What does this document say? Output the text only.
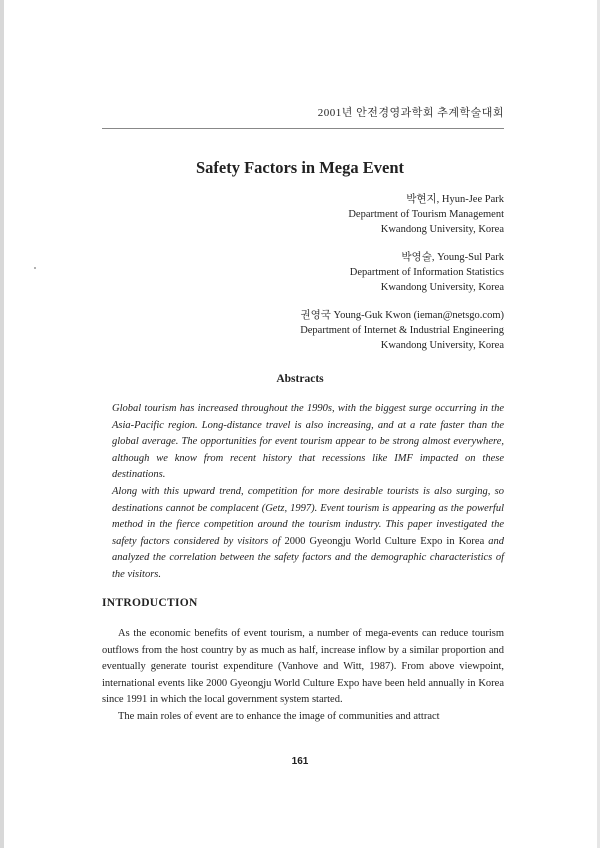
2001년 안전경영과학회 추계학술대회
Safety Factors in Mega Event
박현지, Hyun-Jee Park
Department of Tourism Management
Kwandong University, Korea
박영술, Young-Sul Park
Department of Information Statistics
Kwandong University, Korea
권영국 Young-Guk Kwon (ieman@netsgo.com)
Department of Internet & Industrial Engineering
Kwandong University, Korea
Abstracts

Global tourism has increased throughout the 1990s, with the biggest surge occurring in the Asia-Pacific region. Long-distance travel is also increasing, and at a rate faster than the global average. The opportunities for event tourism appear to be strong almost everywhere, although we know from recent history that recessions like IMF impacted on these destinations.

Along with this upward trend, competition for more desirable tourists is also surging, so destinations cannot be complacent (Getz, 1997). Event tourism is appearing as the powerful method in the fierce competition around the tourism industry. This paper investigated the safety factors considered by visitors of 2000 Gyeongju World Culture Expo in Korea and analyzed the correlation between the safety factors and the demographic characteristics of the visitors.

INTRODUCTION

As the economic benefits of event tourism, a number of mega-events can reduce tourism outflows from the host country by as much as half, increase inflow by a similar proportion and eventually generate tourist expenditure (Vanhove and Witt, 1987). From above viewpoint, international events like 2000 Gyeongju World Culture Expo have been held annually in Korea since 1991 in which the local government system started.

The main roles of event are to enhance the image of communities and attract

161
